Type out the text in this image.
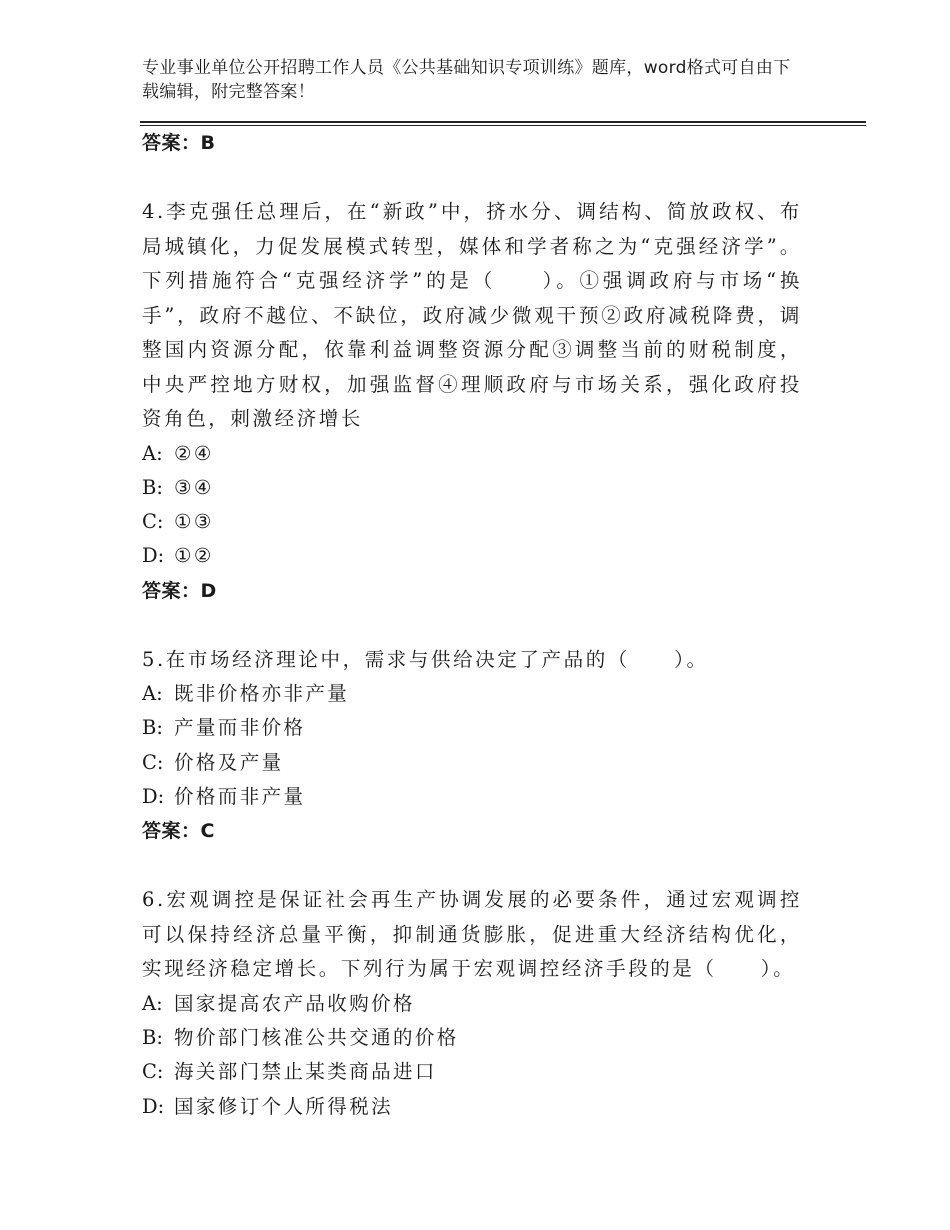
专业事业单位公开招聘工作人员《公共基础知识专项训练》题库，word格式可自由下载编辑，附完整答案！
答案：B
4.李克强任总理后，在“新政”中，挤水分、调结构、简放政权、布局城镇化，力促发展模式转型，媒体和学者称之为“克强经济学”。下列措施符合“克强经济学”的是（　　）。①强调政府与市场“换手”，政府不越位、不缺位，政府减少微观干预②政府减税降费，调整国内资源分配，依靠利益调整资源分配③调整当前的财税制度，中央严控地方财权，加强监督④理顺政府与市场关系，强化政府投资角色，刺激经济增长
A: ②④
B: ③④
C: ①③
D: ①②
答案：D
5.在市场经济理论中，需求与供给决定了产品的（　　）。
A: 既非价格亦非产量
B: 产量而非价格
C: 价格及产量
D: 价格而非产量
答案：C
6.宏观调控是保证社会再生产协调发展的必要条件，通过宏观调控可以保持经济总量平衡，抑制通货膨胀，促进重大经济结构优化，实现经济稳定增长。下列行为属于宏观调控经济手段的是（　　）。
A: 国家提高农产品收购价格
B: 物价部门核准公共交通的价格
C: 海关部门禁止某类商品进口
D: 国家修订个人所得税法
